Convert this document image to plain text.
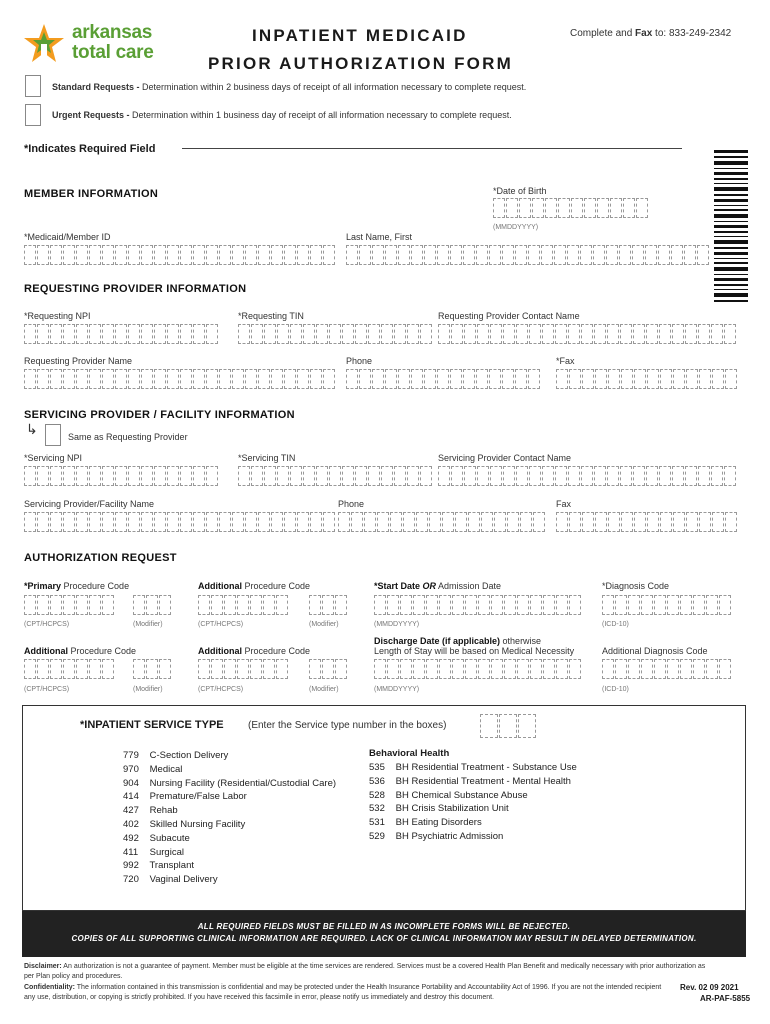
arkansas
total care
INPATIENT MEDICAID
PRIOR AUTHORIZATION FORM
Complete and Fax to: 833-249-2342
Standard Requests - Determination within 2 business days of receipt of all information necessary to complete request.
Urgent Requests - Determination within 1 business day of receipt of all information necessary to complete request.
*Indicates Required Field
MEMBER INFORMATION	*Date of Birth
(MMDDYYYY)
*Medicaid/Member ID	Last Name, First
REQUESTING PROVIDER INFORMATION
*Requesting NPI	*Requesting TIN	Requesting Provider Contact Name
Requesting Provider Name	Phone	*Fax
SERVICING PROVIDER / FACILITY INFORMATION
↳	Same as Requesting Provider
*Servicing NPI	*Servicing TIN	Servicing Provider Contact Name
Servicing Provider/Facility Name	Phone	Fax
AUTHORIZATION REQUEST
*Primary Procedure Code	Additional Procedure Code	*Start Date OR Admission Date	*Diagnosis Code
(CPT/HCPCS)	(Modifier)	(CPT/HCPCS)	(Modifier)	(MMDDYYYY)	(ICD-10)
Additional Procedure Code	Additional Procedure Code
Discharge Date (if applicable) otherwise
Length of Stay will be based on Medical Necessity	Additional Diagnosis Code
(CPT/HCPCS)	(Modifier)	(CPT/HCPCS)	(Modifier)	(MMDDYYYY)	(ICD-10)
*INPATIENT SERVICE TYPE (Enter the Service type number in the boxes)
779 C-Section Delivery
970 Medical
904 Nursing Facility (Residential/Custodial Care)
414 Premature/False Labor
427 Rehab
402 Skilled Nursing Facility
492 Subacute
411 Surgical
992 Transplant
720 Vaginal Delivery
Behavioral Health
535 BH Residential Treatment - Substance Use
536 BH Residential Treatment - Mental Health
528 BH Chemical Substance Abuse
532 BH Crisis Stabilization Unit
531 BH Eating Disorders
529 BH Psychiatric Admission
ALL REQUIRED FIELDS MUST BE FILLED IN AS INCOMPLETE FORMS WILL BE REJECTED.
COPIES OF ALL SUPPORTING CLINICAL INFORMATION ARE REQUIRED. LACK OF CLINICAL INFORMATION MAY RESULT IN DELAYED DETERMINATION.
Disclaimer: An authorization is not a guarantee of payment. Member must be eligible at the time services are rendered. Services must be a covered Health Plan Benefit and medically necessary with prior authorization as per Plan policy and procedures.
Confidentiality: The information contained in this transmission is confidential and may be protected under the Health Insurance Portability and Accountability Act of 1996. If you are not the intended recipient any use, distribution, or copying is strictly prohibited. If you have received this facsimile in error, please notify us immediately and destroy this document.
Rev. 02 09 2021
AR-PAF-5855
